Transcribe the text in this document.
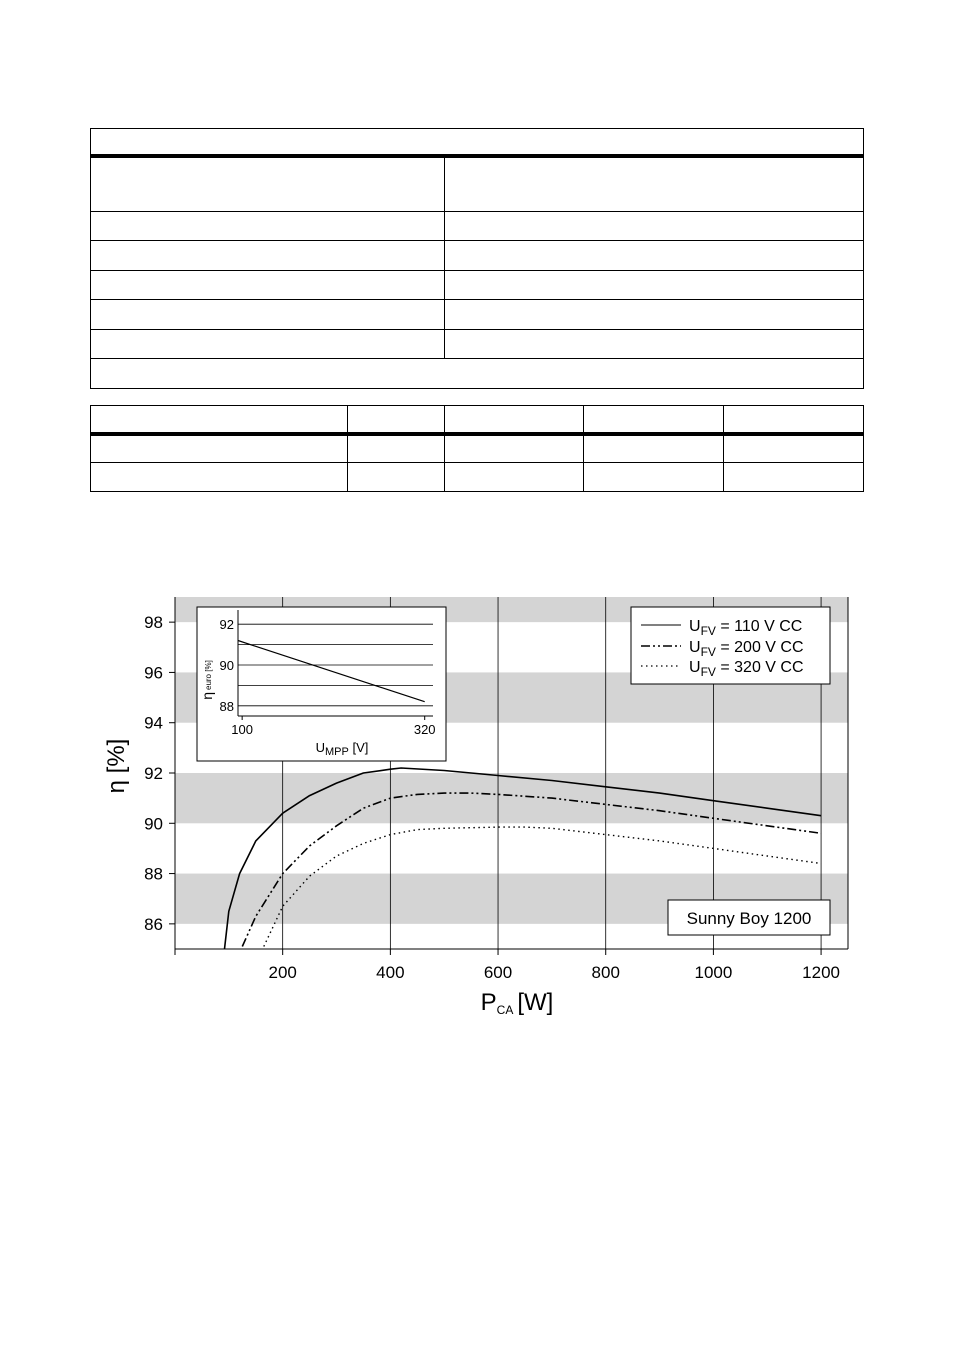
86
88
90
92
94
96
98
200	400	600	800	1000	1200
η [%]
PCA [W]
88
90
92
100	320
ηeuro [%]
$U_{MPP}$ [V]
$U_{FV} = 110$ V CC
$U_{FV} = 200$ V CC
$U_{FV} = 320$ V CC
Sunny Boy 1200
